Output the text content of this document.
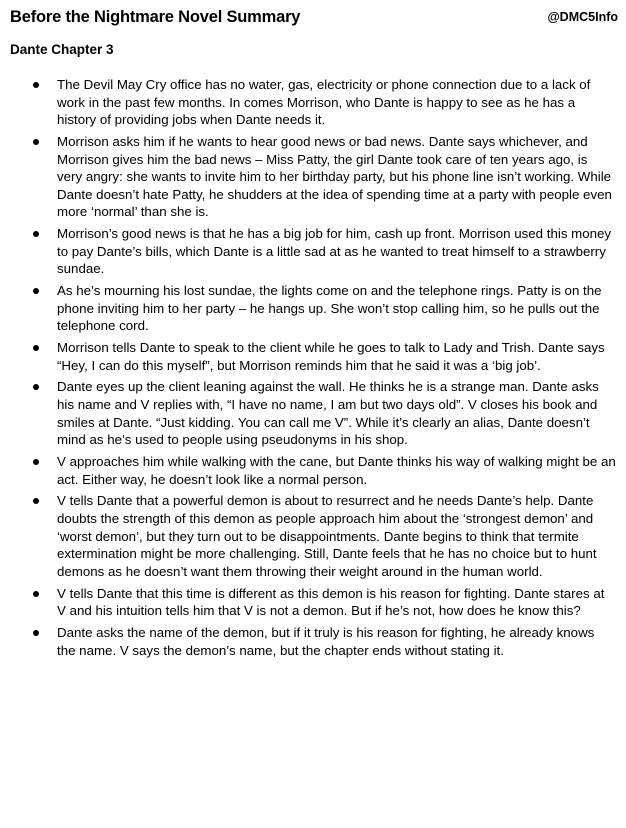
Before the Nightmare Novel Summary	@DMC5Info
Dante Chapter 3
The Devil May Cry office has no water, gas, electricity or phone connection due to a lack of work in the past few months. In comes Morrison, who Dante is happy to see as he has a history of providing jobs when Dante needs it.
Morrison asks him if he wants to hear good news or bad news. Dante says whichever, and Morrison gives him the bad news – Miss Patty, the girl Dante took care of ten years ago, is very angry: she wants to invite him to her birthday party, but his phone line isn’t working. While Dante doesn’t hate Patty, he shudders at the idea of spending time at a party with people even more ‘normal’ than she is.
Morrison’s good news is that he has a big job for him, cash up front. Morrison used this money to pay Dante’s bills, which Dante is a little sad at as he wanted to treat himself to a strawberry sundae.
As he’s mourning his lost sundae, the lights come on and the telephone rings. Patty is on the phone inviting him to her party – he hangs up. She won’t stop calling him, so he pulls out the telephone cord.
Morrison tells Dante to speak to the client while he goes to talk to Lady and Trish. Dante says “Hey, I can do this myself”, but Morrison reminds him that he said it was a ‘big job’.
Dante eyes up the client leaning against the wall. He thinks he is a strange man. Dante asks his name and V replies with, “I have no name, I am but two days old”. V closes his book and smiles at Dante. “Just kidding. You can call me V”. While it’s clearly an alias, Dante doesn’t mind as he’s used to people using pseudonyms in his shop.
V approaches him while walking with the cane, but Dante thinks his way of walking might be an act. Either way, he doesn’t look like a normal person.
V tells Dante that a powerful demon is about to resurrect and he needs Dante’s help. Dante doubts the strength of this demon as people approach him about the ‘strongest demon’ and ‘worst demon’, but they turn out to be disappointments. Dante begins to think that termite extermination might be more challenging. Still, Dante feels that he has no choice but to hunt demons as he doesn’t want them throwing their weight around in the human world.
V tells Dante that this time is different as this demon is his reason for fighting. Dante stares at V and his intuition tells him that V is not a demon. But if he’s not, how does he know this?
Dante asks the name of the demon, but if it truly is his reason for fighting, he already knows the name. V says the demon’s name, but the chapter ends without stating it.
